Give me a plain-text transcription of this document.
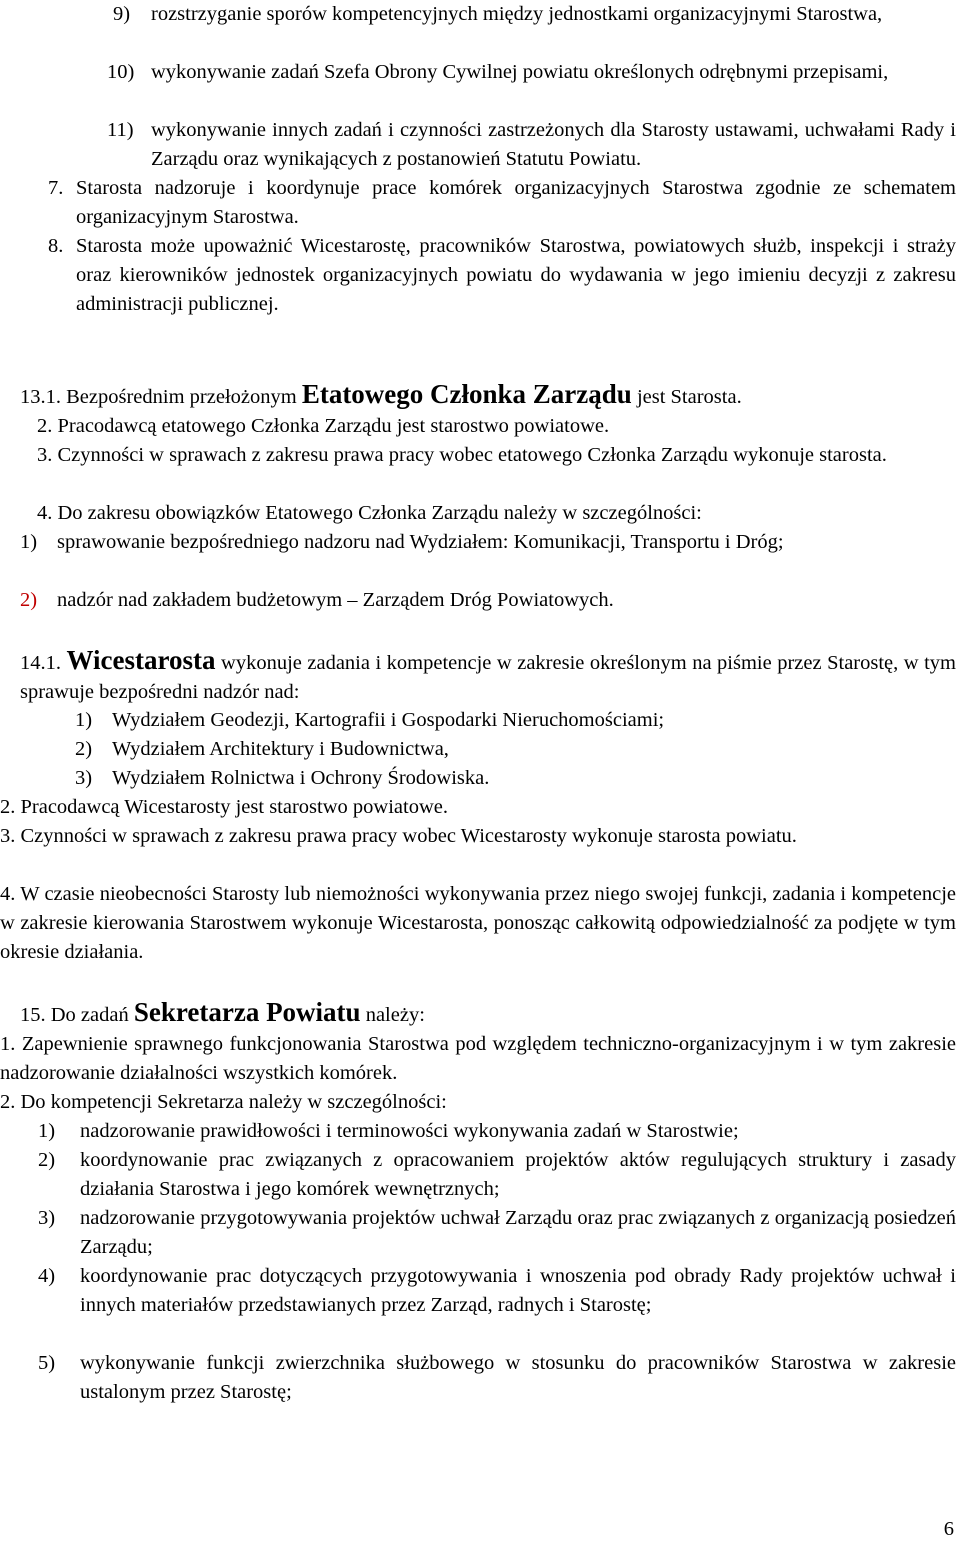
9) rozstrzyganie sporów kompetencyjnych między jednostkami organizacyjnymi Starostwa,
10) wykonywanie zadań Szefa Obrony Cywilnej powiatu określonych odrębnymi przepisami,
11) wykonywanie innych zadań i czynności zastrzeżonych dla Starosty ustawami, uchwałami Rady i Zarządu oraz wynikających z postanowień Statutu Powiatu.
7. Starosta nadzoruje i koordynuje prace komórek organizacyjnych Starostwa zgodnie ze schematem organizacyjnym Starostwa.
8. Starosta może upoważnić Wicestarostę, pracowników Starostwa, powiatowych służb, inspekcji i straży oraz kierowników jednostek organizacyjnych powiatu do wydawania w jego imieniu decyzji z zakresu administracji publicznej.
13.1. Bezpośrednim przełożonym Etatowego Członka Zarządu jest Starosta.
2. Pracodawcą etatowego Członka Zarządu jest starostwo powiatowe.
3. Czynności w sprawach z zakresu prawa pracy wobec etatowego Członka Zarządu wykonuje starosta.
4. Do zakresu obowiązków Etatowego Członka Zarządu należy w szczególności:
1) sprawowanie bezpośredniego nadzoru nad Wydziałem: Komunikacji, Transportu i Dróg;
2) nadzór nad zakładem budżetowym – Zarządem Dróg Powiatowych.
14.1. Wicestarosta wykonuje zadania i kompetencje w zakresie określonym na piśmie przez Starostę, w tym sprawuje bezpośredni nadzór nad:
1) Wydziałem Geodezji, Kartografii i Gospodarki Nieruchomościami;
2) Wydziałem Architektury i Budownictwa,
3) Wydziałem Rolnictwa i Ochrony Środowiska.
2. Pracodawcą Wicestarosty jest starostwo powiatowe.
3. Czynności w sprawach z zakresu prawa pracy wobec Wicestarosty wykonuje starosta powiatu.
4. W czasie nieobecności Starosty lub niemożności wykonywania przez niego swojej funkcji, zadania i kompetencje w zakresie kierowania Starostwem wykonuje Wicestarosta, ponosząc całkowitą odpowiedzialność za podjęte w tym okresie działania.
15. Do zadań Sekretarza Powiatu należy:
1. Zapewnienie sprawnego funkcjonowania Starostwa pod względem techniczno-organizacyjnym i w tym zakresie nadzorowanie działalności wszystkich komórek.
2. Do kompetencji Sekretarza należy w szczególności:
1) nadzorowanie prawidłowości i terminowości wykonywania zadań w Starostwie;
2) koordynowanie prac związanych z opracowaniem projektów aktów regulujących struktury i zasady działania Starostwa i jego komórek wewnętrznych;
3) nadzorowanie przygotowywania projektów uchwał Zarządu oraz prac związanych z organizacją posiedzeń Zarządu;
4) koordynowanie prac dotyczących przygotowywania i wnoszenia pod obrady Rady projektów uchwał i innych materiałów przedstawianych przez Zarząd, radnych i Starostę;
5) wykonywanie funkcji zwierzchnika służbowego w stosunku do pracowników Starostwa w zakresie ustalonym przez Starostę;
6
